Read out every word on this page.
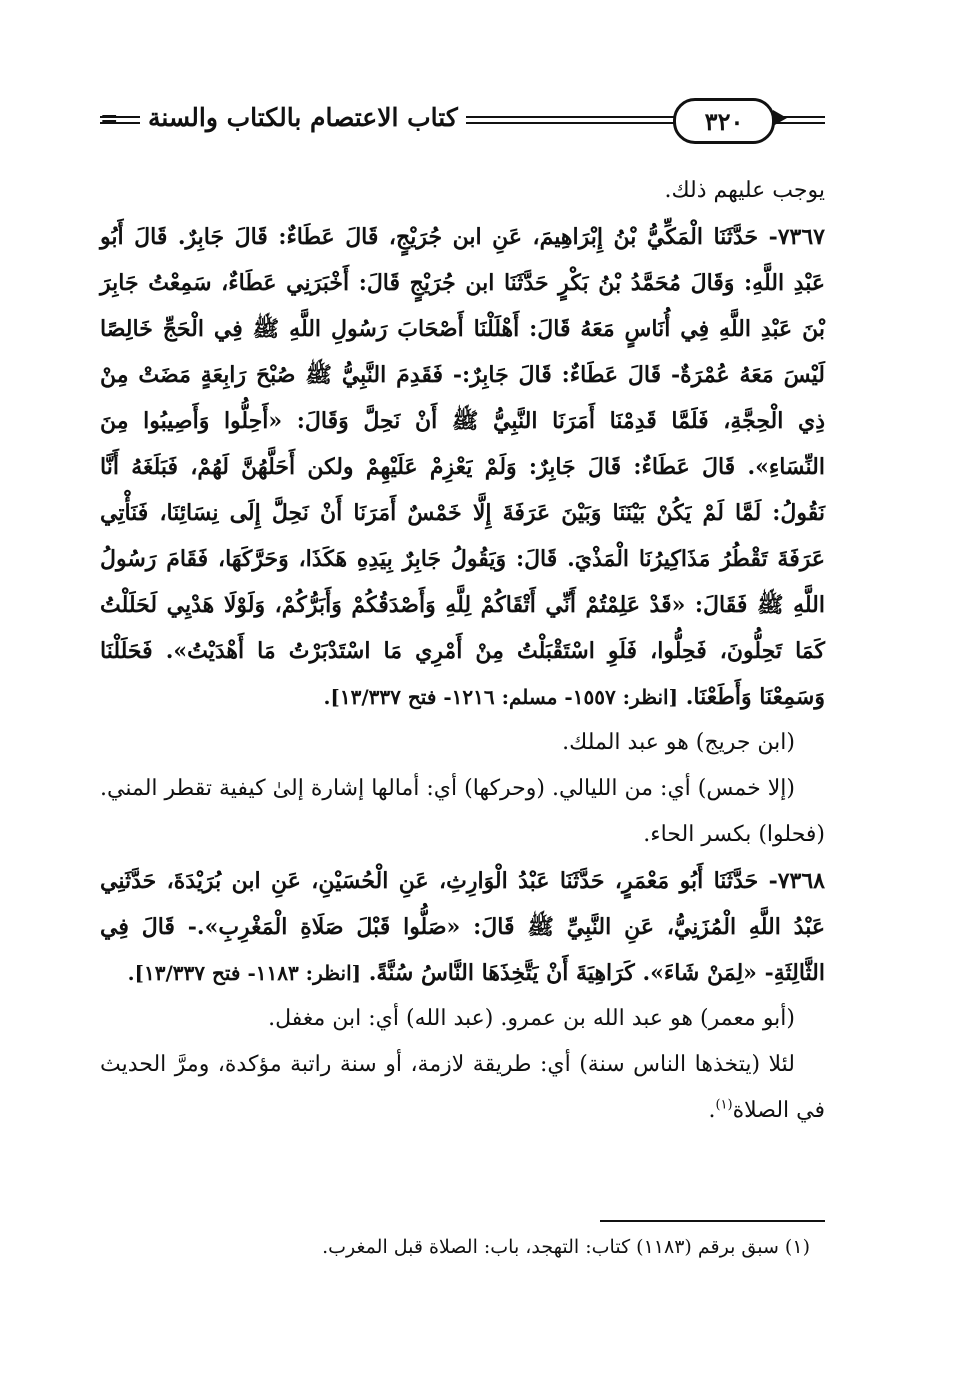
=	كتاب الاعتصام بالكتاب والسنة	٣٢٠

يوجب عليهم ذلك.

٧٣٦٧- حَدَّثَنَا الْمَكِّيُّ بْنُ إِبْرَاهِيمَ، عَنِ ابن جُرَيْجٍ، قَالَ عَطَاءٌ: قَالَ جَابِرٌ. قَالَ أَبُو عَبْدِ اللَّهِ: وَقَالَ مُحَمَّدُ بْنُ بَكْرٍ حَدَّثَنَا ابن جُرَيْجٍ قَالَ: أَخْبَرَنِي عَطَاءٌ، سَمِعْتُ جَابِرَ بْنَ عَبْدِ اللَّهِ فِي أُنَاسٍ مَعَهُ قَالَ: أَهْلَلْنَا أَصْحَابَ رَسُولِ اللَّهِ ﷺ فِي الْحَجِّ خَالِصًا لَيْسَ مَعَهُ عُمْرَةٌ- قَالَ عَطَاءٌ: قَالَ جَابِرٌ:- فَقَدِمَ النَّبِيُّ ﷺ صُبْحَ رَابِعَةٍ مَضَتْ مِنْ ذِي الْحِجَّةِ، فَلَمَّا قَدِمْنَا أَمَرَنَا النَّبِيُّ ﷺ أَنْ نَحِلَّ وَقَالَ: «أَحِلُّوا وَأَصِيبُوا مِنَ النِّسَاءِ». قَالَ عَطَاءٌ: قَالَ جَابِرٌ: وَلَمْ يَعْزِمْ عَلَيْهِمْ ولكن أَحَلَّهُنَّ لَهُمْ، فَبَلَغَهُ أَنَّا نَقُولُ: لَمَّا لَمْ يَكُنْ بَيْنَنَا وَبَيْنَ عَرَفَةَ إِلَّا خَمْسٌ أَمَرَنَا أَنْ نَحِلَّ إِلَى نِسَائِنَا، فَنَأْتِي عَرَفَةَ تَقْطُرُ مَذَاكِيرُنَا الْمَذْيَ. قَالَ: وَيَقُولُ جَابِرٌ بِيَدِهِ هَكَذَا، وَحَرَّكَهَا، فَقَامَ رَسُولُ اللَّهِ ﷺ فَقَالَ: «قَدْ عَلِمْتُمْ أَنِّي أَتْقَاكُمْ لِلَّهِ وَأَصْدَقُكُمْ وَأَبَرُّكُمْ، وَلَوْلَا هَدْيِي لَحَلَلْتُ كَمَا تَحِلُّونَ، فَحِلُّوا، فَلَوِ اسْتَقْبَلْتُ مِنْ أَمْرِي مَا اسْتَدْبَرْتُ مَا أَهْدَيْتُ». فَحَلَلْنَا وَسَمِعْنَا وَأَطَعْنَا. [انظر: ١٥٥٧- مسلم: ١٢١٦- فتح ١٣/٣٣٧].

(ابن جريج) هو عبد الملك.

(إلا خمس) أي: من الليالي. (وحركها) أي: أمالها إشارة إلىٰ كيفية تقطر المني. (فحلوا) بكسر الحاء.

٧٣٦٨- حَدَّثَنَا أَبُو مَعْمَرٍ، حَدَّثَنَا عَبْدُ الْوَارِثِ، عَنِ الْحُسَيْنِ، عَنِ ابن بُرَيْدَةَ، حَدَّثَنِي عَبْدُ اللَّهِ الْمُزَنِيُّ، عَنِ النَّبِيِّ ﷺ قَالَ: «صَلُّوا قَبْلَ صَلَاةِ الْمَغْرِبِ».- قَالَ فِي الثَّالِثَةِ- «لِمَنْ شَاءَ». كَرَاهِيَةَ أَنْ يَتَّخِذَهَا النَّاسُ سُنَّةً. [انظر: ١١٨٣- فتح ١٣/٣٣٧].

(أبو معمر) هو عبد الله بن عمرو. (عبد الله) أي: ابن مغفل.

لئلا (يتخذها الناس سنة) أي: طريقة لازمة، أو سنة راتبة مؤكدة، ومرَّ الحديث في الصلاة$^{(١)}$.

(١) سبق برقم (١١٨٣) كتاب: التهجد، باب: الصلاة قبل المغرب.
